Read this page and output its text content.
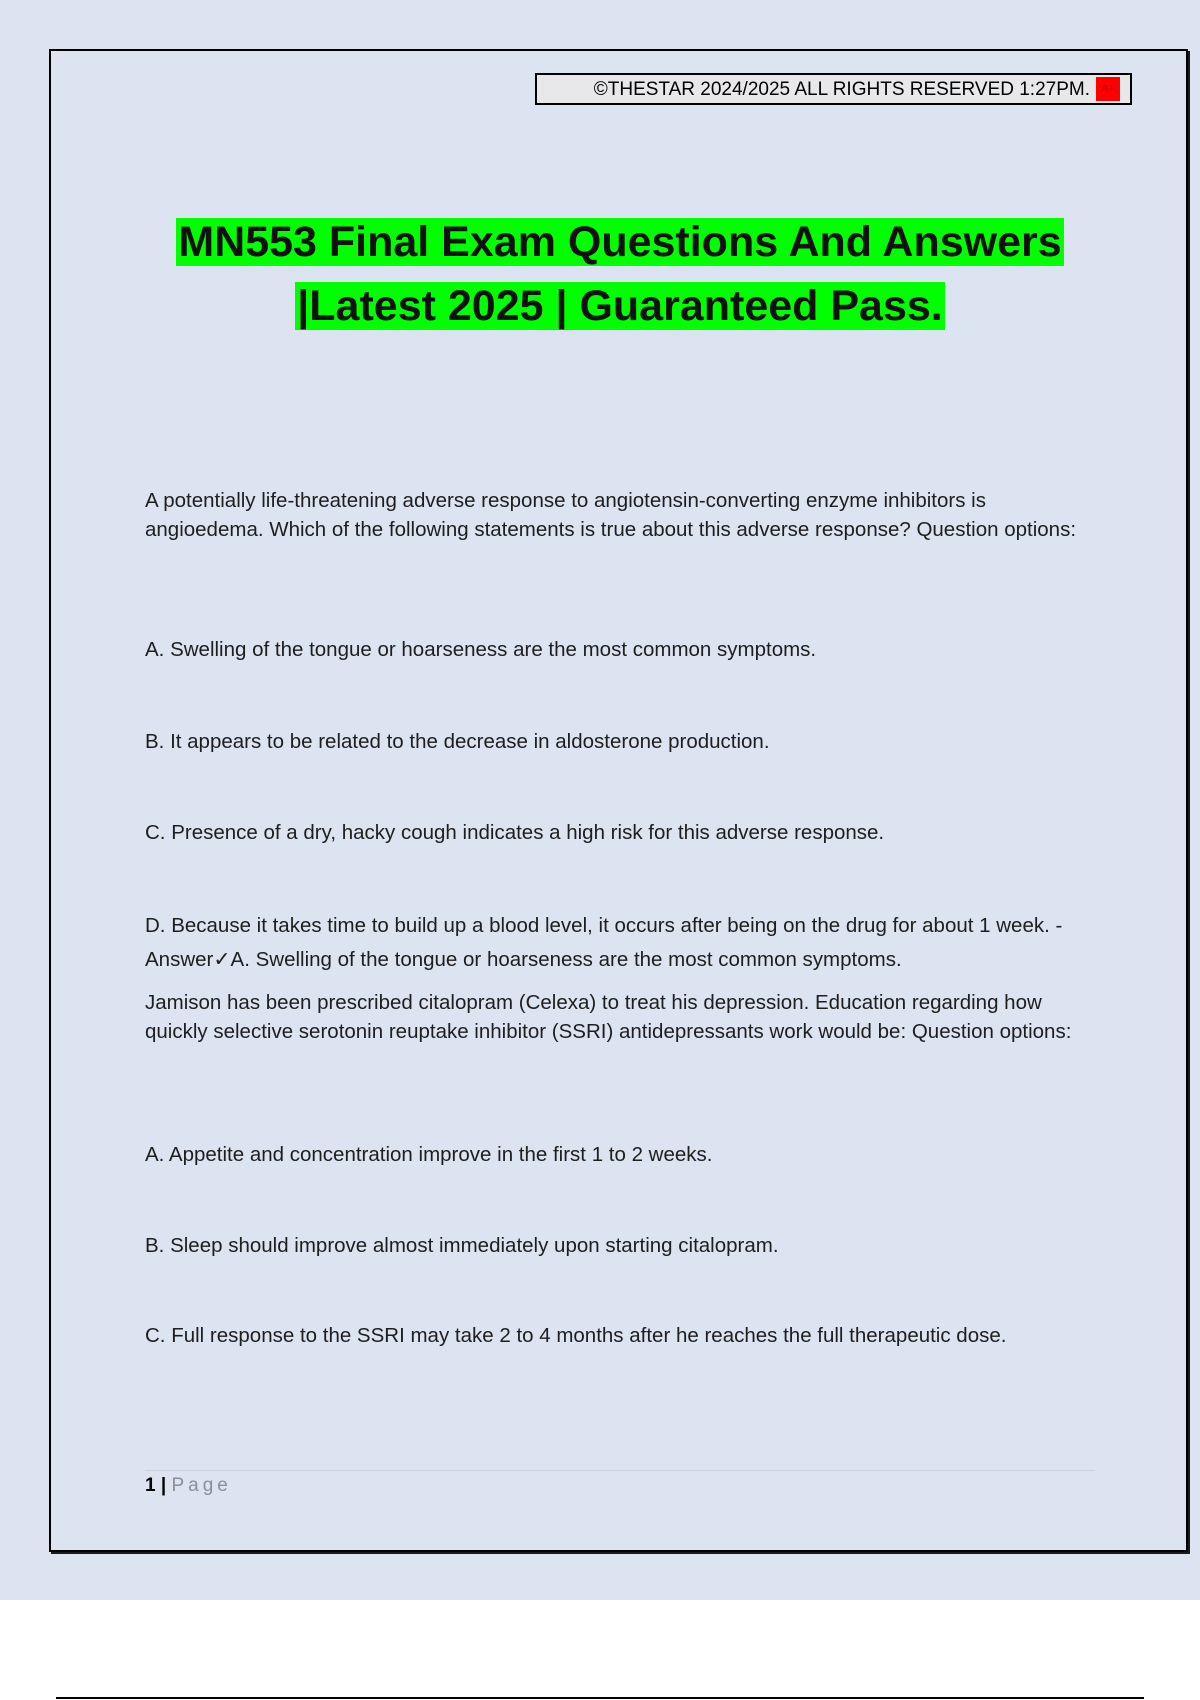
©THESTAR 2024/2025 ALL RIGHTS RESERVED 1:27PM.	A+
MN553 Final Exam Questions And Answers
|Latest 2025 | Guaranteed Pass.
A potentially life-threatening adverse response to angiotensin-converting enzyme inhibitors is angioedema. Which of the following statements is true about this adverse response? Question options:
A. Swelling of the tongue or hoarseness are the most common symptoms.
B. It appears to be related to the decrease in aldosterone production.
C. Presence of a dry, hacky cough indicates a high risk for this adverse response.
D. Because it takes time to build up a blood level, it occurs after being on the drug for about 1 week. - Answer✓A. Swelling of the tongue or hoarseness are the most common symptoms.
Jamison has been prescribed citalopram (Celexa) to treat his depression. Education regarding how quickly selective serotonin reuptake inhibitor (SSRI) antidepressants work would be: Question options:
A. Appetite and concentration improve in the first 1 to 2 weeks.
B. Sleep should improve almost immediately upon starting citalopram.
C. Full response to the SSRI may take 2 to 4 months after he reaches the full therapeutic dose.
1 | Page
